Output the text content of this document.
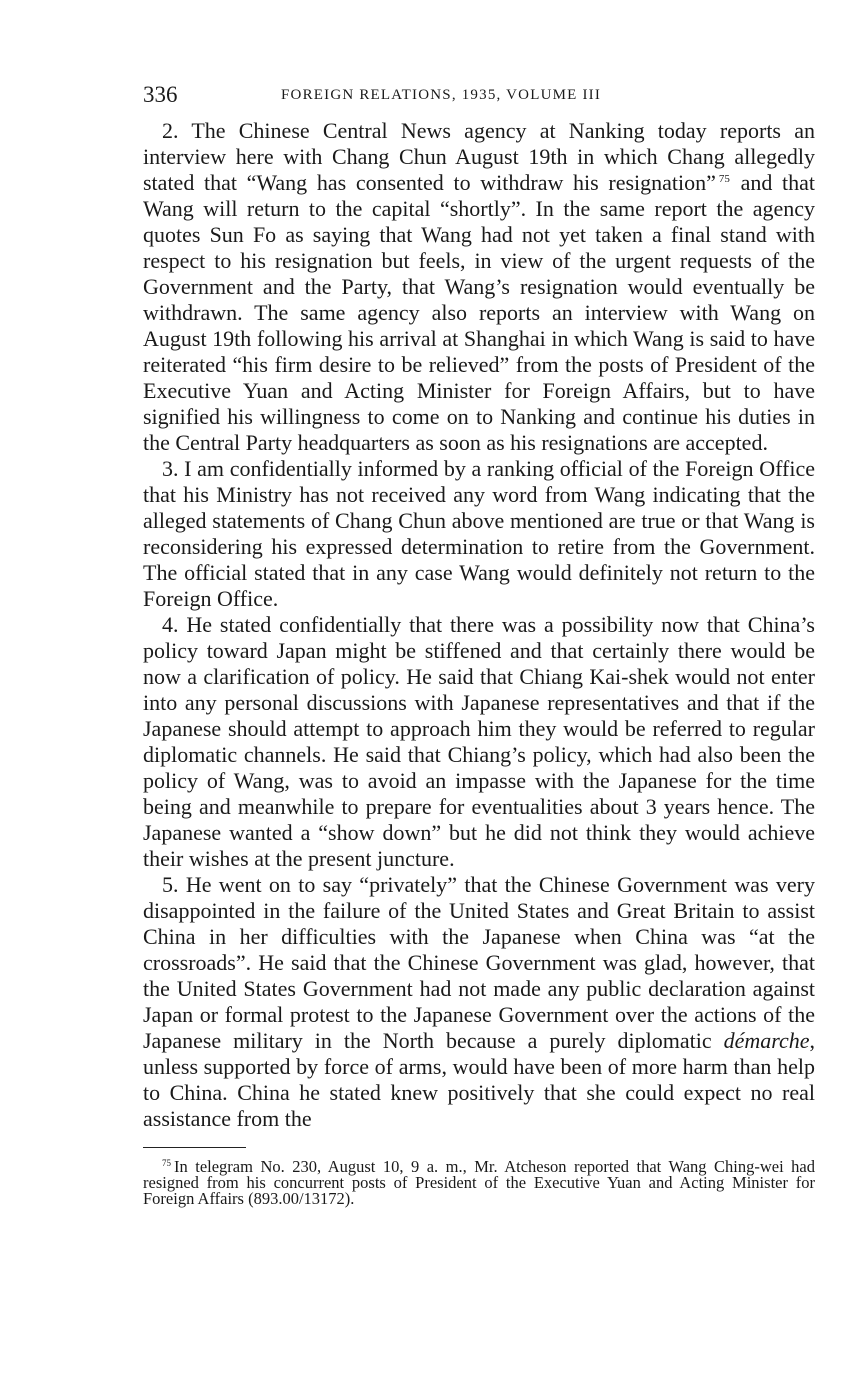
336	FOREIGN RELATIONS, 1935, VOLUME III

2. The Chinese Central News agency at Nanking today reports an interview here with Chang Chun August 19th in which Chang allegedly stated that “Wang has consented to withdraw his resignation” $^{75}$ and that Wang will return to the capital “shortly”. In the same report the agency quotes Sun Fo as saying that Wang had not yet taken a final stand with respect to his resignation but feels, in view of the urgent requests of the Government and the Party, that Wang’s resignation would eventually be withdrawn. The same agency also reports an interview with Wang on August 19th following his arrival at Shanghai in which Wang is said to have reiterated “his firm desire to be relieved” from the posts of President of the Executive Yuan and Acting Minister for Foreign Affairs, but to have signified his willingness to come on to Nanking and continue his duties in the Central Party headquarters as soon as his resignations are accepted.

3. I am confidentially informed by a ranking official of the Foreign Office that his Ministry has not received any word from Wang indicating that the alleged statements of Chang Chun above mentioned are true or that Wang is reconsidering his expressed determination to retire from the Government. The official stated that in any case Wang would definitely not return to the Foreign Office.

4. He stated confidentially that there was a possibility now that China’s policy toward Japan might be stiffened and that certainly there would be now a clarification of policy. He said that Chiang Kai-shek would not enter into any personal discussions with Japanese representatives and that if the Japanese should attempt to approach him they would be referred to regular diplomatic channels. He said that Chiang’s policy, which had also been the policy of Wang, was to avoid an impasse with the Japanese for the time being and meanwhile to prepare for eventualities about 3 years hence. The Japanese wanted a “show down” but he did not think they would achieve their wishes at the present juncture.

5. He went on to say “privately” that the Chinese Government was very disappointed in the failure of the United States and Great Britain to assist China in her difficulties with the Japanese when China was “at the crossroads”. He said that the Chinese Government was glad, however, that the United States Government had not made any public declaration against Japan or formal protest to the Japanese Government over the actions of the Japanese military in the North because a purely diplomatic démarche, unless supported by force of arms, would have been of more harm than help to China. China he stated knew positively that she could expect no real assistance from the

$^{75}$ In telegram No. 230, August 10, 9 a. m., Mr. Atcheson reported that Wang Ching-wei had resigned from his concurrent posts of President of the Executive Yuan and Acting Minister for Foreign Affairs (893.00/13172).
